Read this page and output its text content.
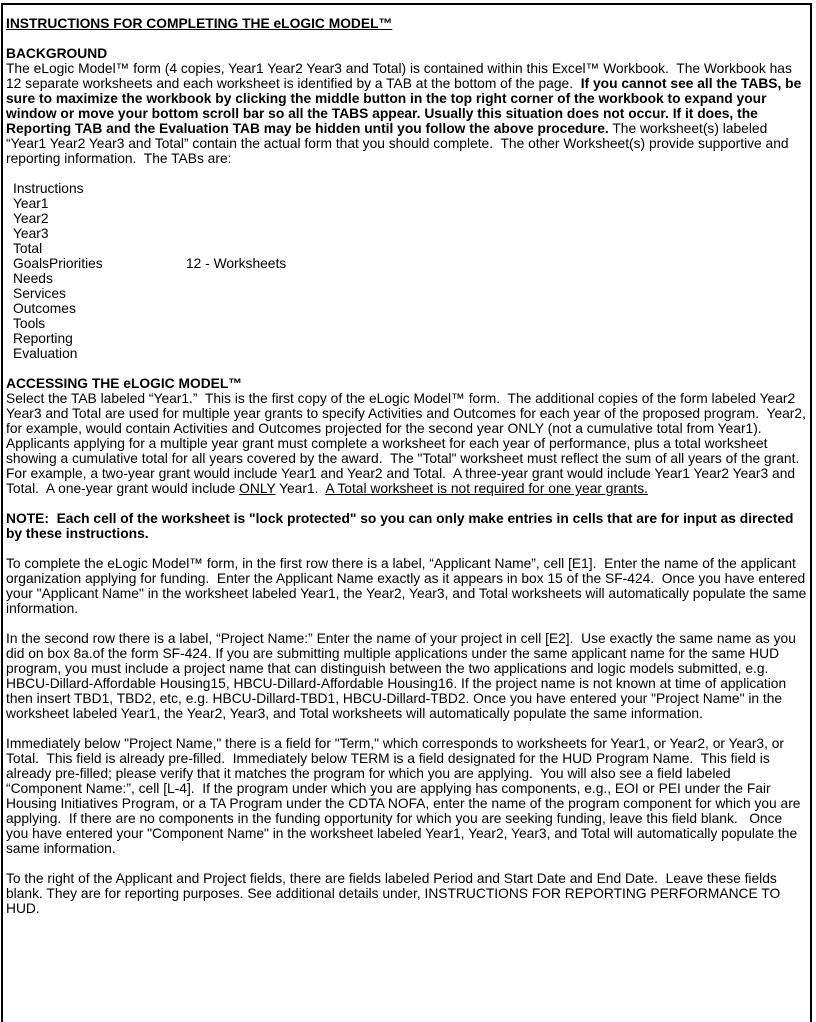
INSTRUCTIONS FOR COMPLETING THE eLOGIC MODEL™
BACKGROUND

The eLogic Model™ form (4 copies, Year1 Year2 Year3 and Total) is contained within this Excel™ Workbook.  The Workbook has 12 separate worksheets and each worksheet is identified by a TAB at the bottom of the page.  If you cannot see all the TABS, be sure to maximize the workbook by clicking the middle button in the top right corner of the workbook to expand your window or move your bottom scroll bar so all the TABS appear. Usually this situation does not occur. If it does, the Reporting TAB and the Evaluation TAB may be hidden until you follow the above procedure. The worksheet(s) labeled “Year1 Year2 Year3 and Total” contain the actual form that you should complete.  The other Worksheet(s) provide supportive and reporting information.  The TABs are:

Instructions
Year1
Year2
Year3
Total
GoalsPriorities	12 - Worksheets
Needs
Services
Outcomes
Tools
Reporting
Evaluation
ACCESSING THE eLOGIC MODEL™

Select the TAB labeled “Year1.”  This is the first copy of the eLogic Model™ form.  The additional copies of the form labeled Year2 Year3 and Total are used for multiple year grants to specify Activities and Outcomes for each year of the proposed program.  Year2, for example, would contain Activities and Outcomes projected for the second year ONLY (not a cumulative total from Year1).  Applicants applying for a multiple year grant must complete a worksheet for each year of performance, plus a total worksheet showing a cumulative total for all years covered by the award.  The "Total" worksheet must reflect the sum of all years of the grant.  For example, a two-year grant would include Year1 and Year2 and Total.  A three-year grant would include Year1 Year2 Year3 and Total.  A one-year grant would include ONLY Year1.  A Total worksheet is not required for one year grants.

NOTE:  Each cell of the worksheet is "lock protected" so you can only make entries in cells that are for input as directed by these instructions.

To complete the eLogic Model™ form, in the first row there is a label, “Applicant Name”, cell [E1].  Enter the name of the applicant organization applying for funding.  Enter the Applicant Name exactly as it appears in box 15 of the SF-424.  Once you have entered your "Applicant Name" in the worksheet labeled Year1, the Year2, Year3, and Total worksheets will automatically populate the same information.

In the second row there is a label, “Project Name:” Enter the name of your project in cell [E2].  Use exactly the same name as you did on box 8a.of the form SF-424. If you are submitting multiple applications under the same applicant name for the same HUD program, you must include a project name that can distinguish between the two applications and logic models submitted, e.g. HBCU-Dillard-Affordable Housing15, HBCU-Dillard-Affordable Housing16. If the project name is not known at time of application then insert TBD1, TBD2, etc, e.g. HBCU-Dillard-TBD1, HBCU-Dillard-TBD2. Once you have entered your "Project Name" in the worksheet labeled Year1, the Year2, Year3, and Total worksheets will automatically populate the same information.

Immediately below "Project Name," there is a field for "Term," which corresponds to worksheets for Year1, or Year2, or Year3, or Total.  This field is already pre-filled.  Immediately below TERM is a field designated for the HUD Program Name.  This field is already pre-filled; please verify that it matches the program for which you are applying.  You will also see a field labeled “Component Name:”, cell [L-4].  If the program under which you are applying has components, e.g., EOI or PEI under the Fair Housing Initiatives Program, or a TA Program under the CDTA NOFA, enter the name of the program component for which you are applying.  If there are no components in the funding opportunity for which you are seeking funding, leave this field blank.   Once you have entered your "Component Name" in the worksheet labeled Year1, Year2, Year3, and Total will automatically populate the same information.

To the right of the Applicant and Project fields, there are fields labeled Period and Start Date and End Date.  Leave these fields blank. They are for reporting purposes. See additional details under, INSTRUCTIONS FOR REPORTING PERFORMANCE TO HUD.
